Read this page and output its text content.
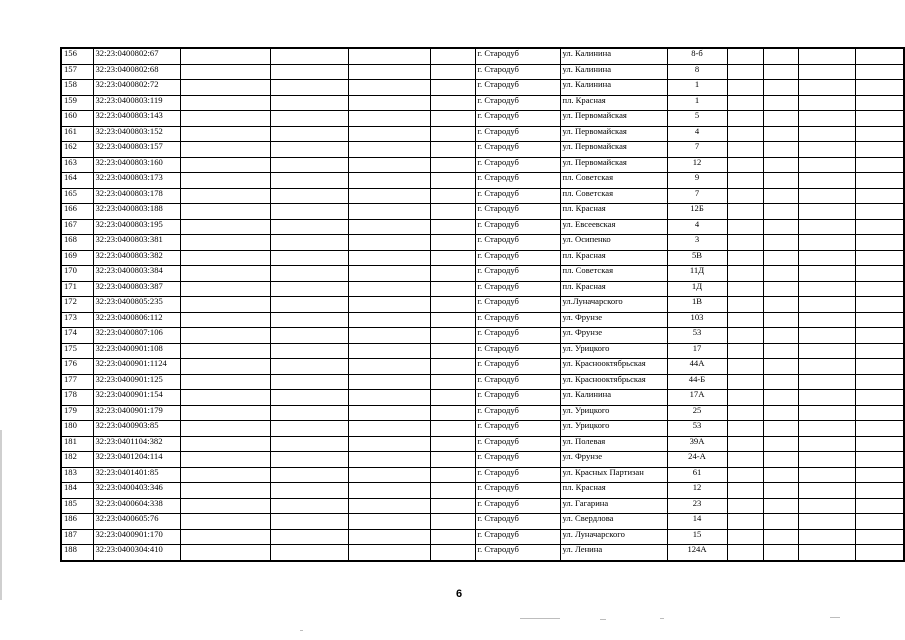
156	32:23:0400802:67					г. Стародуб	ул. Калинина	8-б				
157	32:23:0400802:68					г. Стародуб	ул. Калинина	8				
158	32:23:0400802:72					г. Стародуб	ул. Калинина	1				
159	32:23:0400803:119					г. Стародуб	пл. Красная	1				
160	32:23:0400803:143					г. Стародуб	ул. Первомайская	5				
161	32:23:0400803:152					г. Стародуб	ул. Первомайская	4				
162	32:23:0400803:157					г. Стародуб	ул. Первомайская	7				
163	32:23:0400803:160					г. Стародуб	ул. Первомайская	12				
164	32:23:0400803:173					г. Стародуб	пл. Советская	9				
165	32:23:0400803:178					г. Стародуб	пл. Советская	7				
166	32:23:0400803:188					г. Стародуб	пл. Красная	12Б				
167	32:23:0400803:195					г. Стародуб	ул. Евсеевская	4				
168	32:23:0400803:381					г. Стародуб	ул. Осипенко	3				
169	32:23:0400803:382					г. Стародуб	пл. Красная	5В				
170	32:23:0400803:384					г. Стародуб	пл. Советская	11Д				
171	32:23:0400803:387					г. Стародуб	пл. Красная	1Д				
172	32:23:0400805:235					г. Стародуб	ул.Луначарского	1В				
173	32:23:0400806:112					г. Стародуб	ул. Фрунзе	103				
174	32:23:0400807:106					г. Стародуб	ул. Фрунзе	53				
175	32:23:0400901:108					г. Стародуб	ул. Урицкого	17				
176	32:23:0400901:1124					г. Стародуб	ул. Краснооктябрьская	44А				
177	32:23:0400901:125					г. Стародуб	ул. Краснооктябрьская	44-Б				
178	32:23:0400901:154					г. Стародуб	ул. Калинина	17А				
179	32:23:0400901:179					г. Стародуб	ул. Урицкого	25				
180	32:23:0400903:85					г. Стародуб	ул. Урицкого	53				
181	32:23:0401104:382					г. Стародуб	ул. Полевая	39А				
182	32:23:0401204:114					г. Стародуб	ул. Фрунзе	24-А				
183	32:23:0401401:85					г. Стародуб	ул. Красных Партизан	61				
184	32:23:0400403:346					г. Стародуб	пл. Красная	12				
185	32:23:0400604:338					г. Стародуб	ул. Гагарина	23				
186	32:23:0400605:76					г. Стародуб	ул. Свердлова	14				
187	32:23:0400901:170					г. Стародуб	ул. Луначарского	15				
188	32:23:0400304:410					г. Стародуб	ул. Ленина	124А				
6
